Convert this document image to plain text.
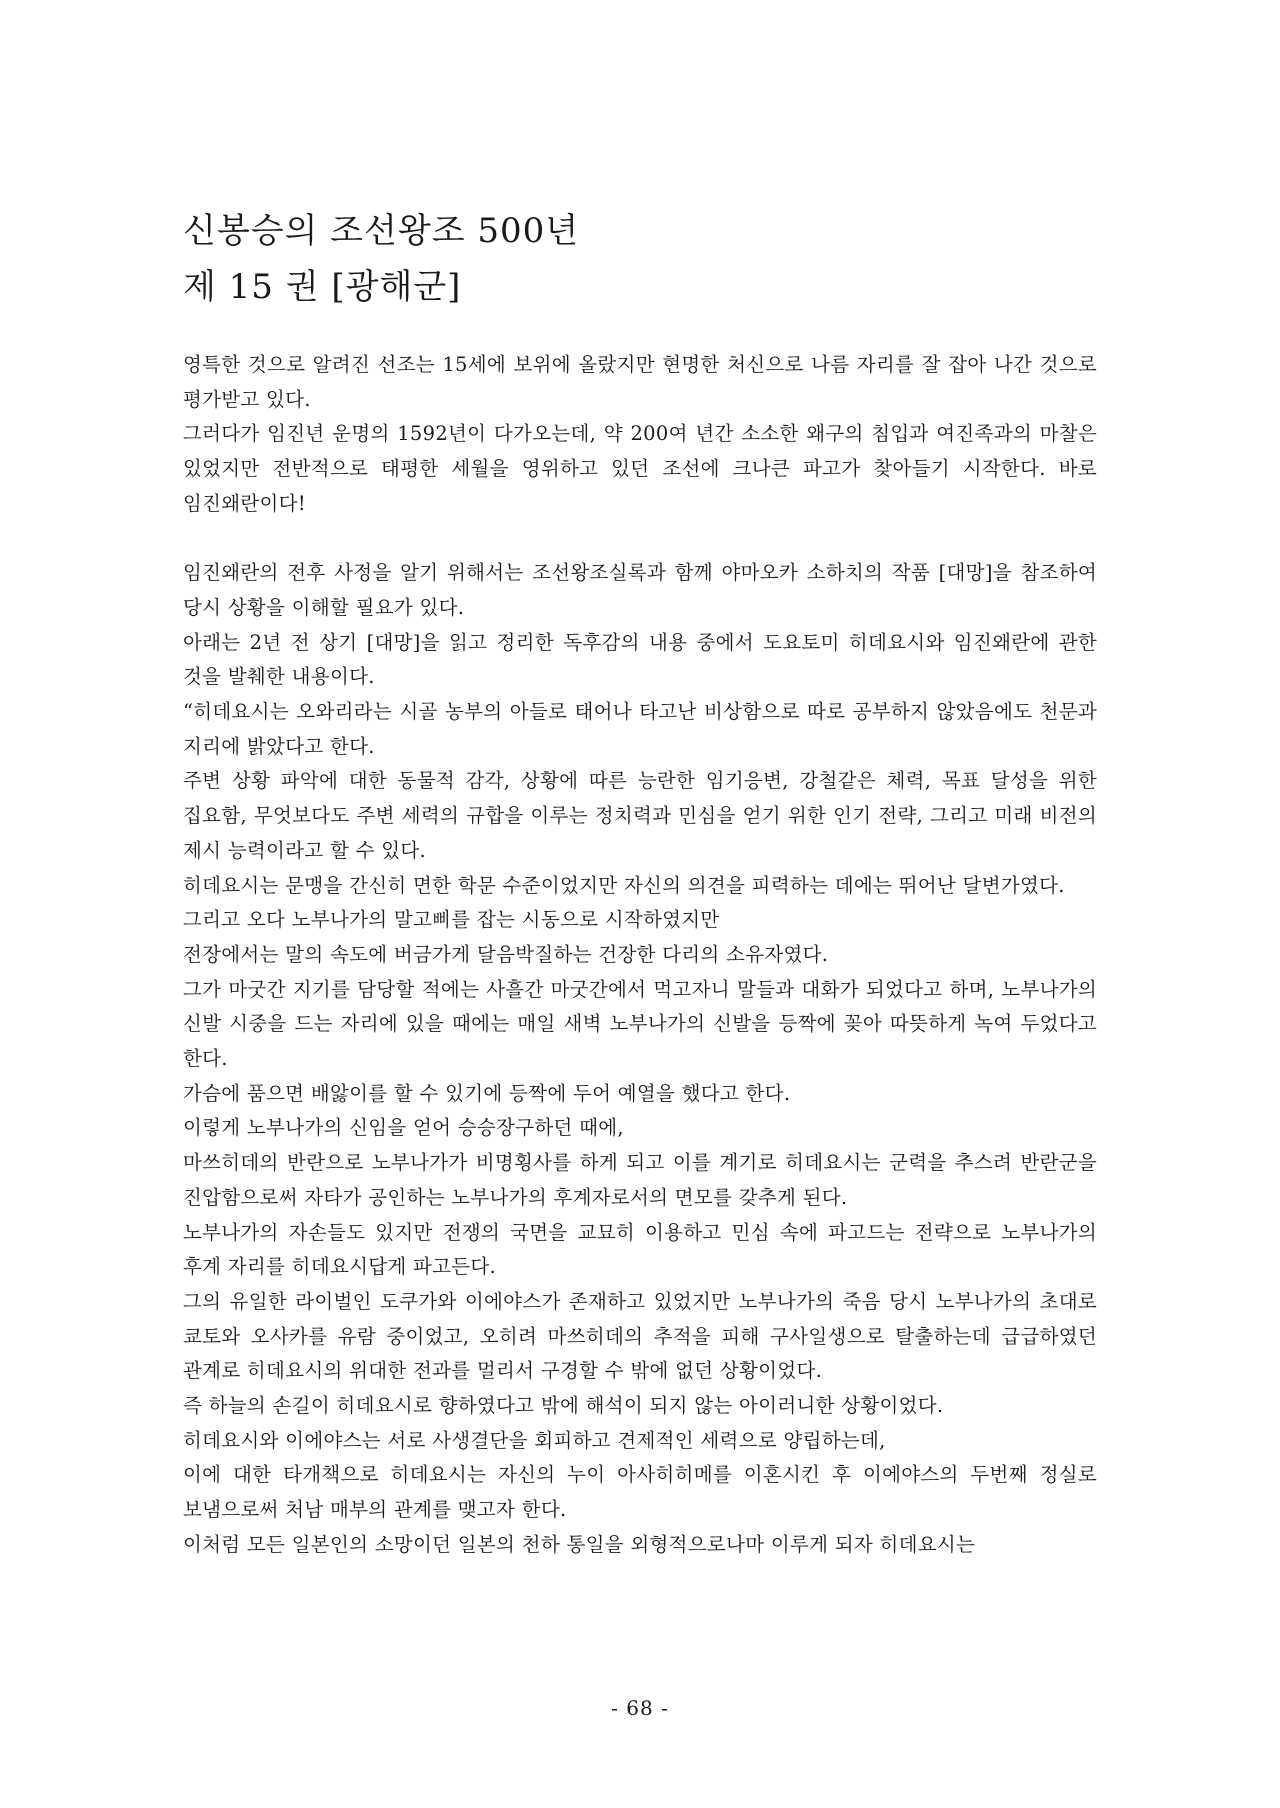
신봉승의 조선왕조 500년
제 15 권 [광해군]

영특한 것으로 알려진 선조는 15세에 보위에 올랐지만 현명한 처신으로 나름 자리를 잘 잡아 나간 것으로 평가받고 있다.

그러다가 임진년 운명의 1592년이 다가오는데, 약 200여 년간 소소한 왜구의 침입과 여진족과의 마찰은 있었지만 전반적으로 태평한 세월을 영위하고 있던 조선에 크나큰 파고가 찾아들기 시작한다. 바로 임진왜란이다!

임진왜란의 전후 사정을 알기 위해서는 조선왕조실록과 함께 야마오카 소하치의 작품 [대망]을 참조하여 당시 상황을 이해할 필요가 있다.

아래는 2년 전 상기 [대망]을 읽고 정리한 독후감의 내용 중에서 도요토미 히데요시와 임진왜란에 관한 것을 발췌한 내용이다.

“히데요시는 오와리라는 시골 농부의 아들로 태어나 타고난 비상함으로 따로 공부하지 않았음에도 천문과 지리에 밝았다고 한다.

주변 상황 파악에 대한 동물적 감각, 상황에 따른 능란한 임기응변, 강철같은 체력, 목표 달성을 위한 집요함, 무엇보다도 주변 세력의 규합을 이루는 정치력과 민심을 얻기 위한 인기 전략, 그리고 미래 비전의 제시 능력이라고 할 수 있다.

히데요시는 문맹을 간신히 면한 학문 수준이었지만 자신의 의견을 피력하는 데에는 뛰어난 달변가였다.

그리고 오다 노부나가의 말고삐를 잡는 시동으로 시작하였지만

전장에서는 말의 속도에 버금가게 달음박질하는 건장한 다리의 소유자였다.

그가 마굿간 지기를 담당할 적에는 사흘간 마굿간에서 먹고자니 말들과 대화가 되었다고 하며, 노부나가의 신발 시중을 드는 자리에 있을 때에는 매일 새벽 노부나가의 신발을 등짝에 꽂아 따뜻하게 녹여 두었다고 한다.

가슴에 품으면 배앓이를 할 수 있기에 등짝에 두어 예열을 했다고 한다.

이렇게 노부나가의 신임을 얻어 승승장구하던 때에,

마쓰히데의 반란으로 노부나가가 비명횡사를 하게 되고 이를 계기로 히데요시는 군력을 추스려 반란군을 진압함으로써 자타가 공인하는 노부나가의 후계자로서의 면모를 갖추게 된다.

노부나가의 자손들도 있지만 전쟁의 국면을 교묘히 이용하고 민심 속에 파고드는 전략으로 노부나가의 후계 자리를 히데요시답게 파고든다.

그의 유일한 라이벌인 도쿠가와 이에야스가 존재하고 있었지만 노부나가의 죽음 당시 노부나가의 초대로 쿄토와 오사카를 유람 중이었고, 오히려 마쓰히데의 추적을 피해 구사일생으로 탈출하는데 급급하였던 관계로 히데요시의 위대한 전과를 멀리서 구경할 수 밖에 없던 상황이었다.

즉 하늘의 손길이 히데요시로 향하였다고 밖에 해석이 되지 않는 아이러니한 상황이었다.

히데요시와 이에야스는 서로 사생결단을 회피하고 견제적인 세력으로 양립하는데,

이에 대한 타개책으로 히데요시는 자신의 누이 아사히히메를 이혼시킨 후 이에야스의 두번째 정실로 보냄으로써 처남 매부의 관계를 맺고자 한다.

이처럼 모든 일본인의 소망이던 일본의 천하 통일을 외형적으로나마 이루게 되자 히데요시는

- 68 -
